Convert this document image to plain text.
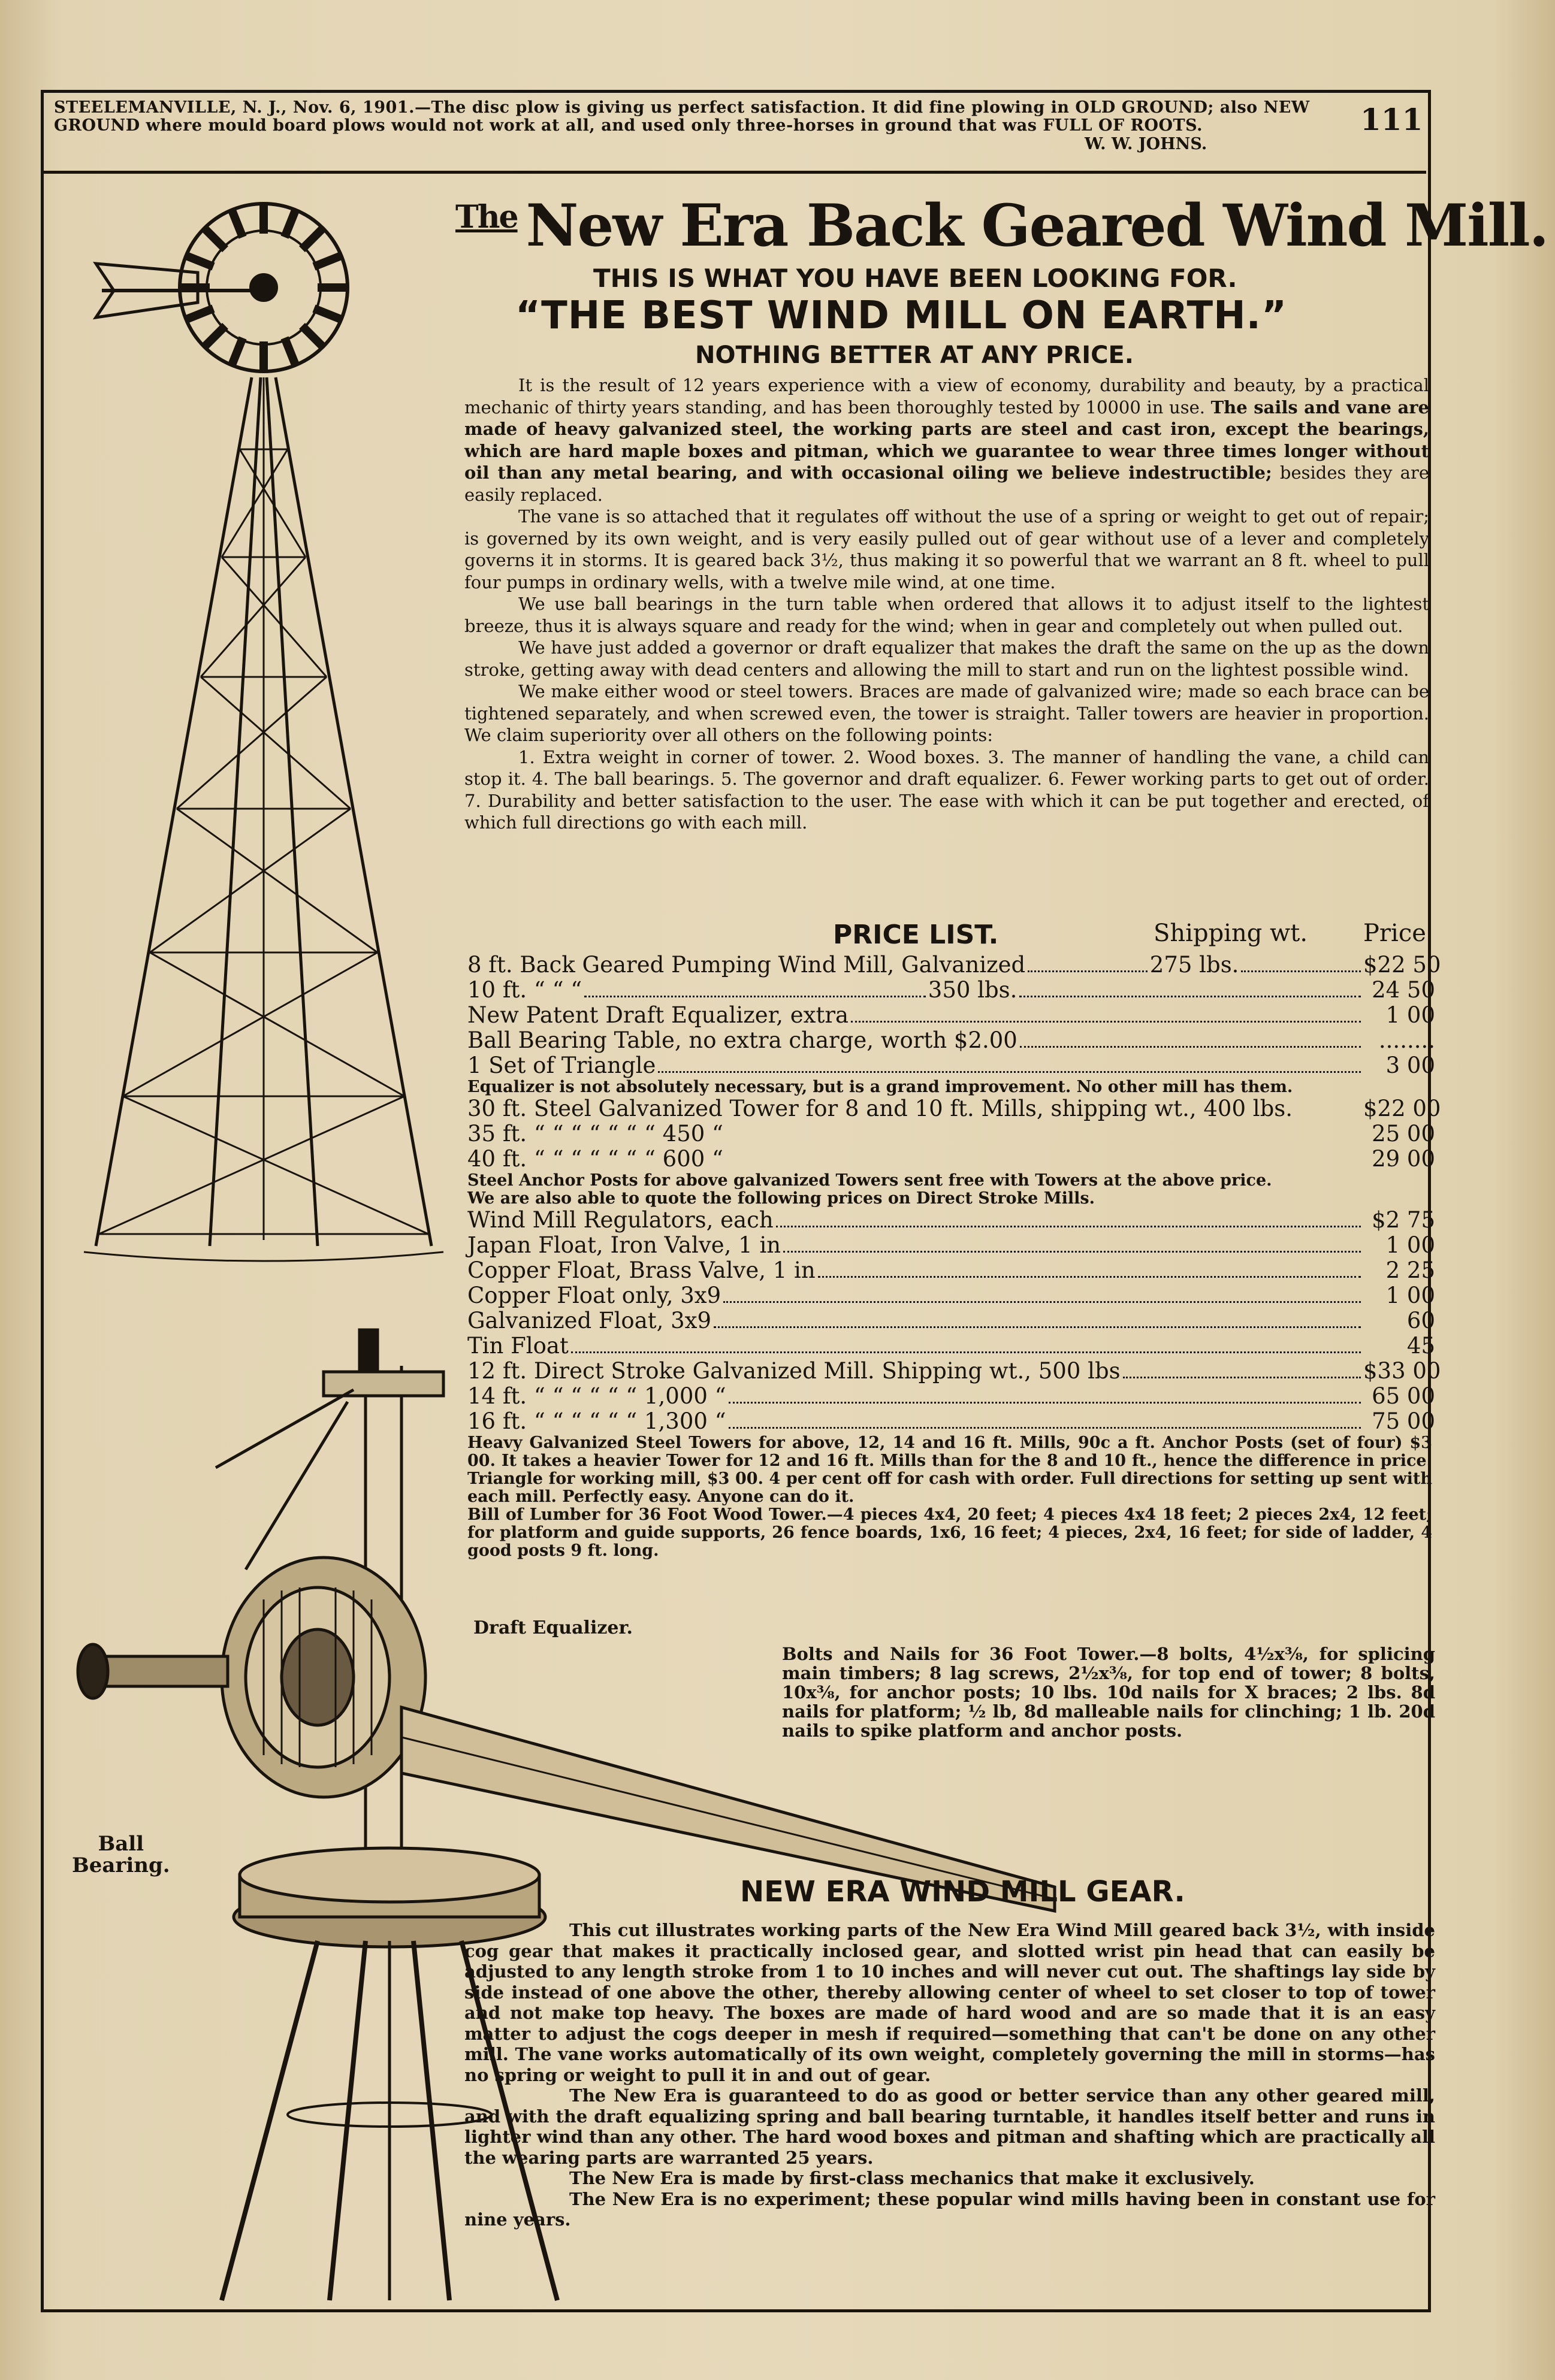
STEELEMANVILLE, N. J., Nov. 6, 1901.—The disc plow is giving us perfect satisfaction. It did fine plowing in OLD GROUND; also NEW GROUND where mould board plows would not work at all, and used only three-horses in ground that was FULL OF ROOTS.
W. W. JOHNS.
111
The New Era Back Geared Wind Mill.
THIS IS WHAT YOU HAVE BEEN LOOKING FOR.
“THE BEST WIND MILL ON EARTH.”
NOTHING BETTER AT ANY PRICE.

It is the result of 12 years experience with a view of economy, durability and beauty, by a practical mechanic of thirty years standing, and has been thoroughly tested by 10000 in use. The sails and vane are made of heavy galvanized steel, the working parts are steel and cast iron, except the bearings, which are hard maple boxes and pitman, which we guarantee to wear three times longer without oil than any metal bearing, and with occasional oiling we believe indestructible; besides they are easily replaced.

The vane is so attached that it regulates off without the use of a spring or weight to get out of repair; is governed by its own weight, and is very easily pulled out of gear without use of a lever and completely governs it in storms. It is geared back 3½, thus making it so powerful that we warrant an 8 ft. wheel to pull four pumps in ordinary wells, with a twelve mile wind, at one time.

We use ball bearings in the turn table when ordered that allows it to adjust itself to the lightest breeze, thus it is always square and ready for the wind; when in gear and completely out when pulled out.

We have just added a governor or draft equalizer that makes the draft the same on the up as the down stroke, getting away with dead centers and allowing the mill to start and run on the lightest possible wind.

We make either wood or steel towers. Braces are made of galvanized wire; made so each brace can be tightened separately, and when screwed even, the tower is straight. Taller towers are heavier in proportion. We claim superiority over all others on the following points:

1. Extra weight in corner of tower. 2. Wood boxes. 3. The manner of handling the vane, a child can stop it. 4. The ball bearings. 5. The governor and draft equalizer. 6. Fewer working parts to get out of order. 7. Durability and better satisfaction to the user. The ease with which it can be put together and erected, of which full directions go with each mill.

PRICE LIST.	Shipping wt. Price
8 ft. Back Geared Pumping Wind Mill, Galvanized	275 lbs.	$22 50
10 ft. “ “ “	350 lbs.	24 50
New Patent Draft Equalizer, extra	1 00
Ball Bearing Table, no extra charge, worth $2.00	........
1 Set of Triangle	3 00
Equalizer is not absolutely necessary, but is a grand improvement. No other mill has them.
30 ft. Steel Galvanized Tower for 8 and 10 ft. Mills, shipping wt., 400 lbs.	$22 00
35 ft. “ “ “ “ “ “ “ 450 “	25 00
40 ft. “ “ “ “ “ “ “ 600 “	29 00
Steel Anchor Posts for above galvanized Towers sent free with Towers at the above price.
We are also able to quote the following prices on Direct Stroke Mills.
Wind Mill Regulators, each	$2 75
Japan Float, Iron Valve, 1 in	1 00
Copper Float, Brass Valve, 1 in	2 25
Copper Float only, 3x9	1 00
Galvanized Float, 3x9	60
Tin Float	45
12 ft. Direct Stroke Galvanized Mill. Shipping wt., 500 lbs	$33 00
14 ft. “ “ “ “ “ “ 1,000 “	65 00
16 ft. “ “ “ “ “ “ 1,300 “	75 00
Heavy Galvanized Steel Towers for above, 12, 14 and 16 ft. Mills, 90c a ft. Anchor Posts (set of four) $3 00. It takes a heavier Tower for 12 and 16 ft. Mills than for the 8 and 10 ft., hence the difference in price. Triangle for working mill, $3 00. 4 per cent off for cash with order. Full directions for setting up sent with each mill. Perfectly easy. Anyone can do it.
Bill of Lumber for 36 Foot Wood Tower.—4 pieces 4x4, 20 feet; 4 pieces 4x4 18 feet; 2 pieces 2x4, 12 feet; for platform and guide supports, 26 fence boards, 1x6, 16 feet; 4 pieces, 2x4, 16 feet; for side of ladder, 4 good posts 9 ft. long.
Draft Equalizer.
Bolts and Nails for 36 Foot Tower.—8 bolts, 4½x⅜, for splicing main timbers; 8 lag screws, 2½x⅜, for top end of tower; 8 bolts, 10x⅜, for anchor posts; 10 lbs. 10d nails for X braces; 2 lbs. 8d nails for platform; ½ lb, 8d malleable nails for clinching; 1 lb. 20d nails to spike platform and anchor posts.
Ball
Bearing.
NEW ERA WIND MILL GEAR.

This cut illustrates working parts of the New Era Wind Mill geared back 3½, with inside cog gear that makes it practically inclosed gear, and slotted wrist pin head that can easily be adjusted to any length stroke from 1 to 10 inches and will never cut out. The shaftings lay side by side instead of one above the other, thereby allowing center of wheel to set closer to top of tower and not make top heavy. The boxes are made of hard wood and are so made that it is an easy matter to adjust the cogs deeper in mesh if required—something that can't be done on any other mill. The vane works automatically of its own weight, completely governing the mill in storms—has no spring or weight to pull it in and out of gear.

The New Era is guaranteed to do as good or better service than any other geared mill, and with the draft equalizing spring and ball bearing turntable, it handles itself better and runs in lighter wind than any other. The hard wood boxes and pitman and shafting which are practically all the wearing parts are warranted 25 years.

The New Era is made by first-class mechanics that make it exclusively.

The New Era is no experiment; these popular wind mills having been in constant use for nine years.
